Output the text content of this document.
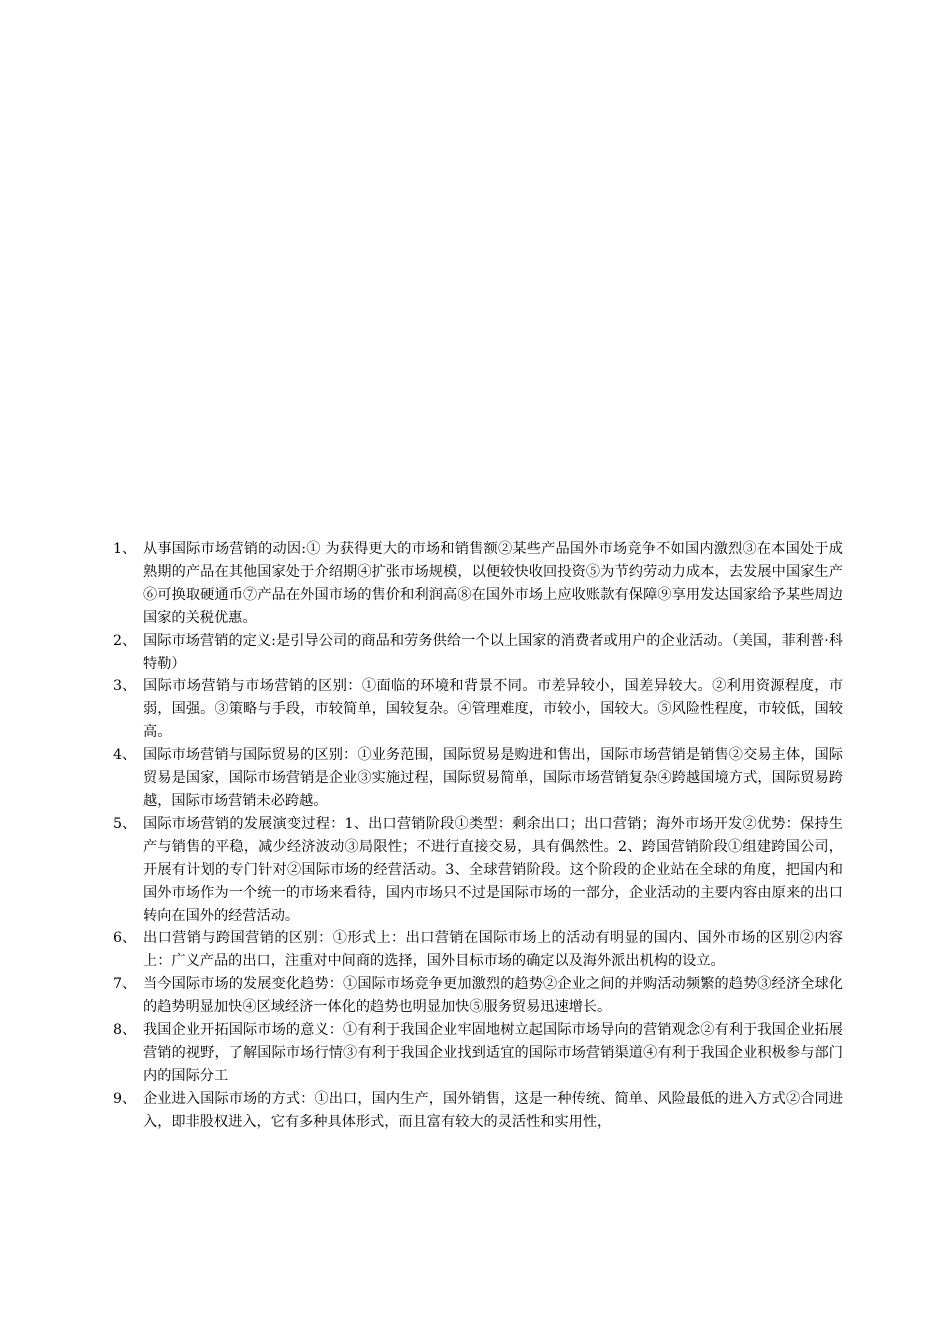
1、 从事国际市场营销的动因:① 为获得更大的市场和销售额②某些产品国外市场竞争不如国内激烈③在本国处于成熟期的产品在其他国家处于介绍期④扩张市场规模，以便较快收回投资⑤为节约劳动力成本，去发展中国家生产⑥可换取硬通币⑦产品在外国市场的售价和利润高⑧在国外市场上应收账款有保障⑨享用发达国家给予某些周边国家的关税优惠。
2、 国际市场营销的定义:是引导公司的商品和劳务供给一个以上国家的消费者或用户的企业活动。（美国，菲利普·科特勒）
3、 国际市场营销与市场营销的区别：①面临的环境和背景不同。市差异较小，国差异较大。②利用资源程度，市弱，国强。③策略与手段，市较简单，国较复杂。④管理难度，市较小，国较大。⑤风险性程度，市较低，国较高。
4、 国际市场营销与国际贸易的区别：①业务范围，国际贸易是购进和售出，国际市场营销是销售②交易主体，国际贸易是国家，国际市场营销是企业③实施过程，国际贸易简单，国际市场营销复杂④跨越国境方式，国际贸易跨越，国际市场营销未必跨越。
5、 国际市场营销的发展演变过程：1、出口营销阶段①类型：剩余出口；出口营销；海外市场开发②优势：保持生产与销售的平稳，减少经济波动③局限性；不进行直接交易，具有偶然性。2、跨国营销阶段①组建跨国公司，开展有计划的专门针对②国际市场的经营活动。3、全球营销阶段。这个阶段的企业站在全球的角度，把国内和国外市场作为一个统一的市场来看待，国内市场只不过是国际市场的一部分，企业活动的主要内容由原来的出口转向在国外的经营活动。
6、 出口营销与跨国营销的区别：①形式上：出口营销在国际市场上的活动有明显的国内、国外市场的区别②内容上：广义产品的出口，注重对中间商的选择，国外目标市场的确定以及海外派出机构的设立。
7、 当今国际市场的发展变化趋势：①国际市场竞争更加激烈的趋势②企业之间的并购活动频繁的趋势③经济全球化的趋势明显加快④区域经济一体化的趋势也明显加快⑤服务贸易迅速增长。
8、 我国企业开拓国际市场的意义：①有利于我国企业牢固地树立起国际市场导向的营销观念②有利于我国企业拓展营销的视野，了解国际市场行情③有利于我国企业找到适宜的国际市场营销渠道④有利于我国企业积极参与部门内的国际分工
9、 企业进入国际市场的方式：①出口，国内生产，国外销售，这是一种传统、简单、风险最低的进入方式②合同进入，即非股权进入，它有多种具体形式，而且富有较大的灵活性和实用性，
